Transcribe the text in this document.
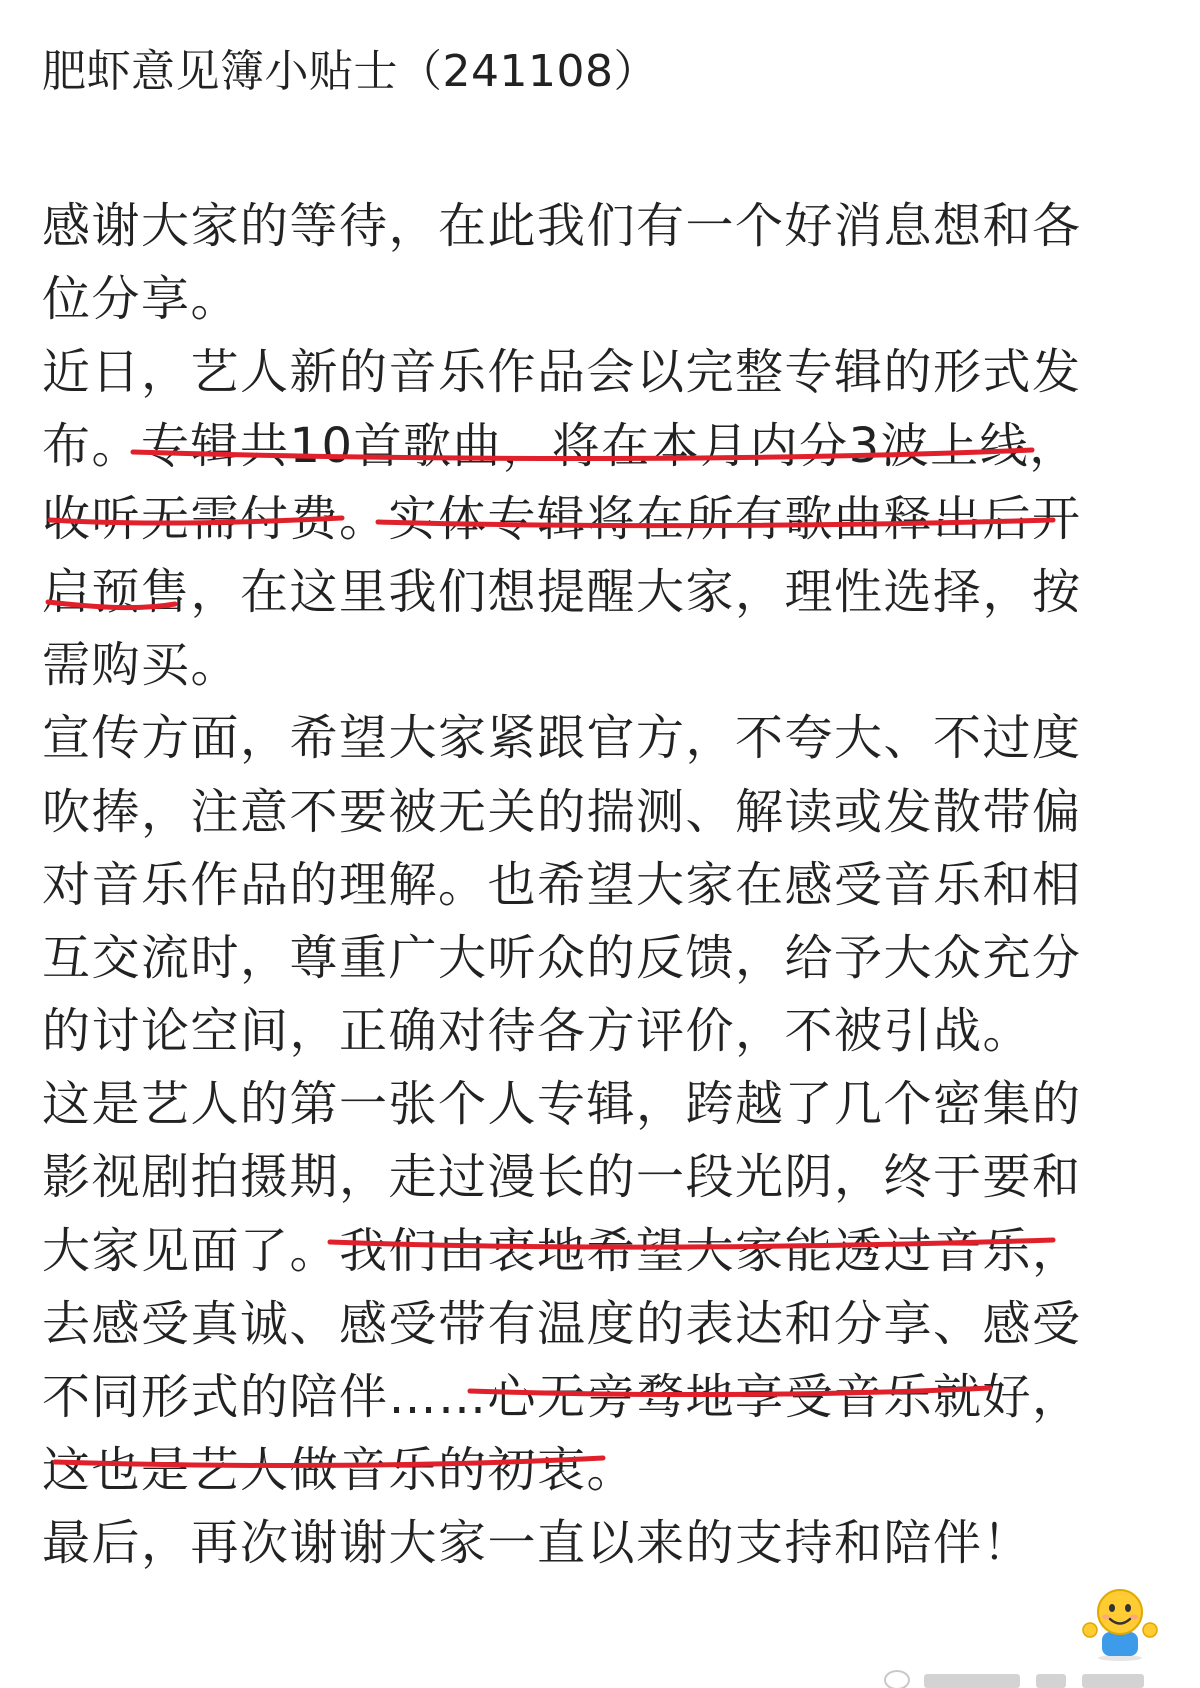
肥虾意见簿小贴士（241108）
感谢大家的等待，在此我们有一个好消息想和各
位分享。
近日，艺人新的音乐作品会以完整专辑的形式发
布。专辑共10首歌曲，将在本月内分3波上线，
收听无需付费。实体专辑将在所有歌曲释出后开
启预售，在这里我们想提醒大家，理性选择，按
需购买。
宣传方面，希望大家紧跟官方，不夸大、不过度
吹捧，注意不要被无关的揣测、解读或发散带偏
对音乐作品的理解。也希望大家在感受音乐和相
互交流时，尊重广大听众的反馈，给予大众充分
的讨论空间，正确对待各方评价，不被引战。
这是艺人的第一张个人专辑，跨越了几个密集的
影视剧拍摄期，走过漫长的一段光阴，终于要和
大家见面了。我们由衷地希望大家能透过音乐，
去感受真诚、感受带有温度的表达和分享、感受
不同形式的陪伴……心无旁骛地享受音乐就好，
这也是艺人做音乐的初衷。
最后，再次谢谢大家一直以来的支持和陪伴！
